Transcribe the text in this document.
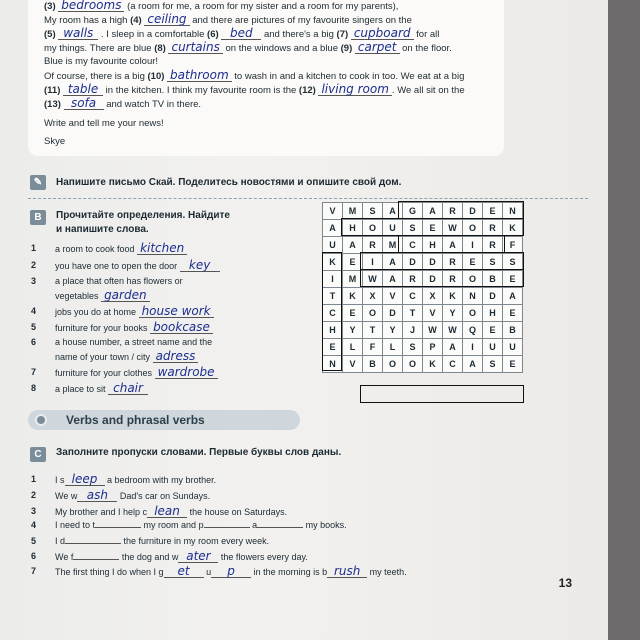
(3) bedrooms (a room for me, a room for my sister and a room for my parents),
My room has a high (4) ceiling and there are pictures of my favourite singers on the
(5) walls . I sleep in a comfortable (6) bed and there's a big (7) cupboard for all
my things. There are blue (8) curtains on the windows and a blue (9) carpet on the floor.
Blue is my favourite colour!
Of course, there is a big (10) bathroom to wash in and a kitchen to cook in too. We eat at a big
(11) table in the kitchen. I think my favourite room is the (12) living room . We all sit on the
(13) sofa and watch TV in there.
Write and tell me your news!
Skye
✎	Напишите письмо Скай. Поделитесь новостями и опишите свой дом.
B	Прочитайте определения. Найдите
и напишите слова.
1 a room to cook food kitchen
2 you have one to open the door key
3 a place that often has flowers or
vegetables garden
4 jobs you do at home house work
5 furniture for your books bookcase
6 a house number, a street name and the
name of your town / city adress
7 furniture for your clothes wardrobe
8 a place to sit chair
V	M	S	A	G	A	R	D	E	N
A	H	O	U	S	E	W	O	R	K
U	A	R	M	C	H	A	I	R	F
K	E	I	A	D	D	R	E	S	S
I	M	W	A	R	D	R	O	B	E
T	K	X	V	C	X	K	N	D	A
C	E	O	D	T	V	Y	O	H	E
H	Y	T	Y	J	W	W	Q	E	B
E	L	F	L	S	P	A	I	U	U
N	V	B	O	O	K	C	A	S	E
Verbs and phrasal verbs
C	Заполните пропуски словами. Первые буквы слов даны.
1 I s leep a bedroom with my brother.
2 We w ash Dad's car on Sundays.
3 My brother and I help c lean the house on Saturdays.
4 I need to t	my room and p	a	my books.
5 I d	the furniture in my room every week.
6 We f	the dog and w ater the flowers every day.
7 The first thing I do when I g et u p in the morning is b rush my teeth.
13
